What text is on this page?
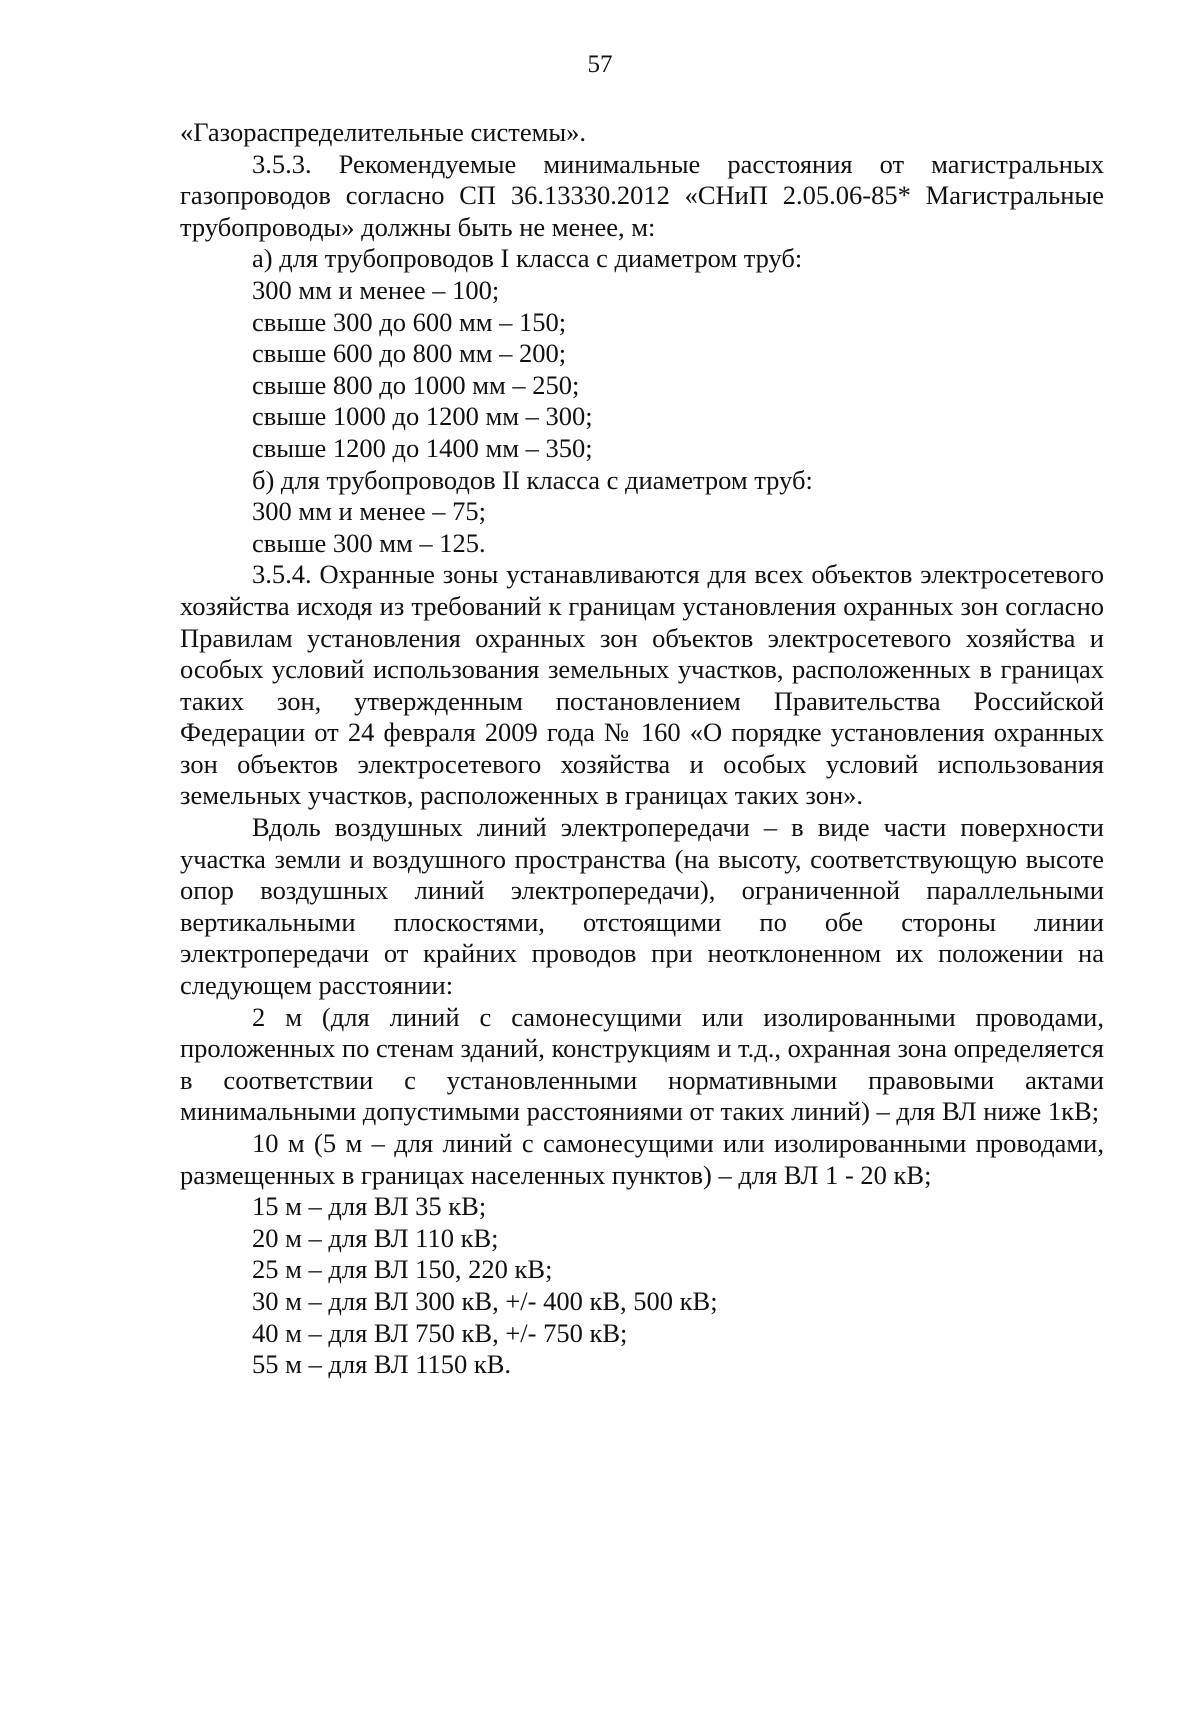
57

«Газораспределительные системы».

3.5.3. Рекомендуемые минимальные расстояния от магистральных газопроводов согласно СП 36.13330.2012 «СНиП 2.05.06-85* Магистральные трубопроводы» должны быть не менее, м:

а) для трубопроводов I класса с диаметром труб:

300 мм и менее – 100;

свыше 300 до 600 мм – 150;

свыше 600 до 800 мм – 200;

свыше 800 до 1000 мм – 250;

свыше 1000 до 1200 мм – 300;

свыше 1200 до 1400 мм – 350;

б) для трубопроводов II класса с диаметром труб:

300 мм и менее – 75;

свыше 300 мм – 125.

3.5.4. Охранные зоны устанавливаются для всех объектов электросетевого хозяйства исходя из требований к границам установления охранных зон согласно Правилам установления охранных зон объектов электросетевого хозяйства и особых условий использования земельных участков, расположенных в границах таких зон, утвержденным постановлением Правительства Российской Федерации от 24 февраля 2009 года № 160 «О порядке установления охранных зон объектов электросетевого хозяйства и особых условий использования земельных участков, расположенных в границах таких зон».

Вдоль воздушных линий электропередачи – в виде части поверхности участка земли и воздушного пространства (на высоту, соответствующую высоте опор воздушных линий электропередачи), ограниченной параллельными вертикальными плоскостями, отстоящими по обе стороны линии электропередачи от крайних проводов при неотклоненном их положении на следующем расстоянии:

2 м (для линий с самонесущими или изолированными проводами, проложенных по стенам зданий, конструкциям и т.д., охранная зона определяется в соответствии с установленными нормативными правовыми актами минимальными допустимыми расстояниями от таких линий) – для ВЛ ниже 1кВ;

10 м (5 м – для линий с самонесущими или изолированными проводами, размещенных в границах населенных пунктов) – для ВЛ 1 - 20 кВ;

15 м – для ВЛ 35 кВ;

20 м – для ВЛ 110 кВ;

25 м – для ВЛ 150, 220 кВ;

30 м – для ВЛ 300 кВ, +/- 400 кВ, 500 кВ;

40 м – для ВЛ 750 кВ, +/- 750 кВ;

55 м – для ВЛ 1150 кВ.
